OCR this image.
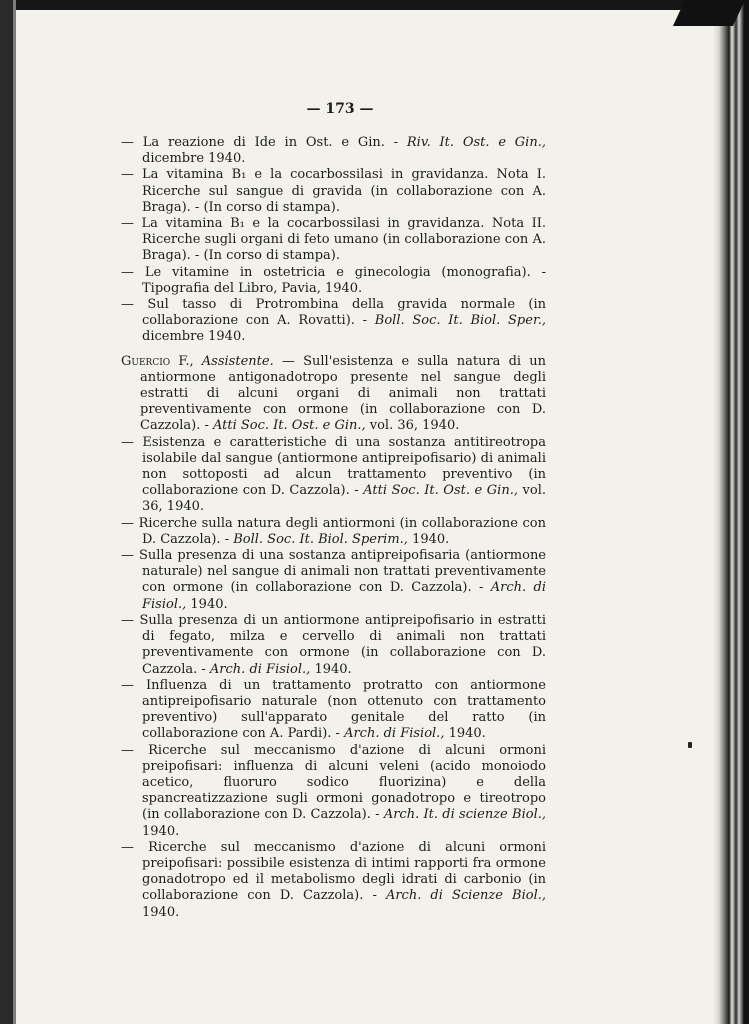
— 173 —
— La reazione di Ide in Ost. e Gin. - Riv. It. Ost. e Gin., dicembre 1940.
— La vitamina B₁ e la cocarbossilasi in gravidanza. Nota I. Ricerche sul sangue di gravida (in collaborazione con A. Braga). - (In corso di stampa).
— La vitamina B₁ e la cocarbossilasi in gravidanza. Nota II. Ricerche sugli organi di feto umano (in collaborazione con A. Braga). - (In corso di stampa).
— Le vitamine in ostetricia e ginecologia (monografia). - Tipografia del Libro, Pavia, 1940.
— Sul tasso di Protrombina della gravida normale (in collaborazione con A. Rovatti). - Boll. Soc. It. Biol. Sper., dicembre 1940.
Guercio F., Assistente. — Sull'esistenza e sulla natura di un antiormone antigonadotropo presente nel sangue degli estratti di alcuni organi di animali non trattati preventivamente con ormone (in collaborazione con D. Cazzola). - Atti Soc. It. Ost. e Gin., vol. 36, 1940.
— Esistenza e caratteristiche di una sostanza antitireotropa isolabile dal sangue (antiormone antipreipofisario) di animali non sottoposti ad alcun trattamento preventivo (in collaborazione con D. Cazzola). - Atti Soc. It. Ost. e Gin., vol. 36, 1940.
— Ricerche sulla natura degli antiormoni (in collaborazione con D. Cazzola). - Boll. Soc. It. Biol. Sperim., 1940.
— Sulla presenza di una sostanza antipreipofisaria (antiormone naturale) nel sangue di animali non trattati preventivamente con ormone (in collaborazione con D. Cazzola). - Arch. di Fisiol., 1940.
— Sulla presenza di un antiormone antipreipofisario in estratti di fegato, milza e cervello di animali non trattati preventivamente con ormone (in collaborazione con D. Cazzola. - Arch. di Fisiol., 1940.
— Influenza di un trattamento protratto con antiormone antipreipofisario naturale (non ottenuto con trattamento preventivo) sull'apparato genitale del ratto (in collaborazione con A. Pardi). - Arch. di Fisiol., 1940.
— Ricerche sul meccanismo d'azione di alcuni ormoni preipofisari: influenza di alcuni veleni (acido monoiodo acetico, fluoruro sodico fluorizina) e della spancreatizzazione sugli ormoni gonadotropo e tireotropo (in collaborazione con D. Cazzola). - Arch. It. di scienze Biol., 1940.
— Ricerche sul meccanismo d'azione di alcuni ormoni preipofisari: possibile esistenza di intimi rapporti fra ormone gonadotropo ed il metabolismo degli idrati di carbonio (in collaborazione con D. Cazzola). - Arch. di Scienze Biol., 1940.
